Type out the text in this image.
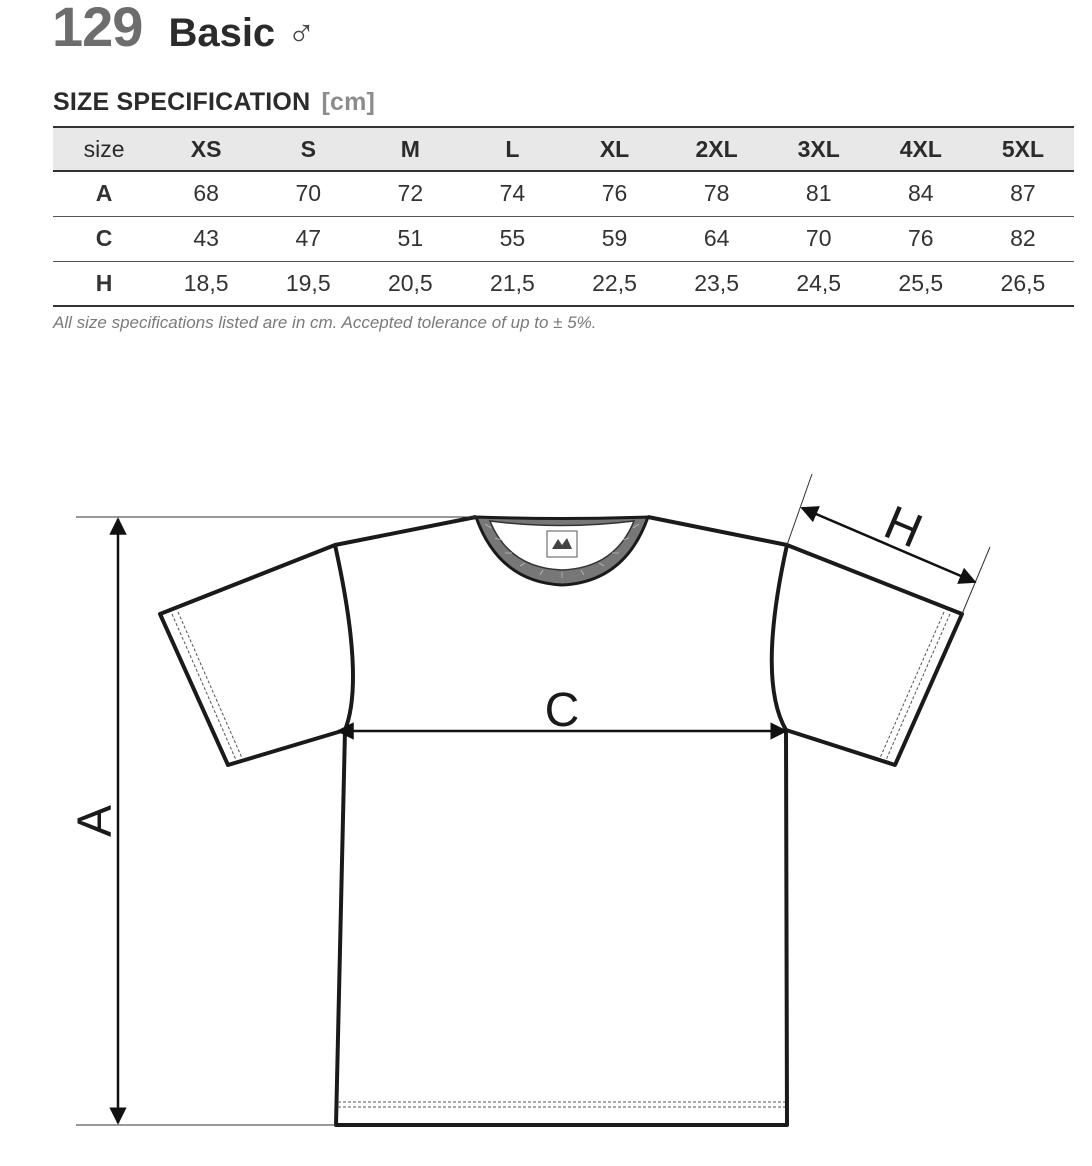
129 Basic ♂
SIZE SPECIFICATION [cm]
size	XS	S	M	L	XL	2XL	3XL	4XL	5XL
A	68	70	72	74	76	78	81	84	87
C	43	47	51	55	59	64	70	76	82
H	18,5	19,5	20,5	21,5	22,5	23,5	24,5	25,5	26,5
All size specifications listed are in cm. Accepted tolerance of up to ± 5%.
A
C
H
